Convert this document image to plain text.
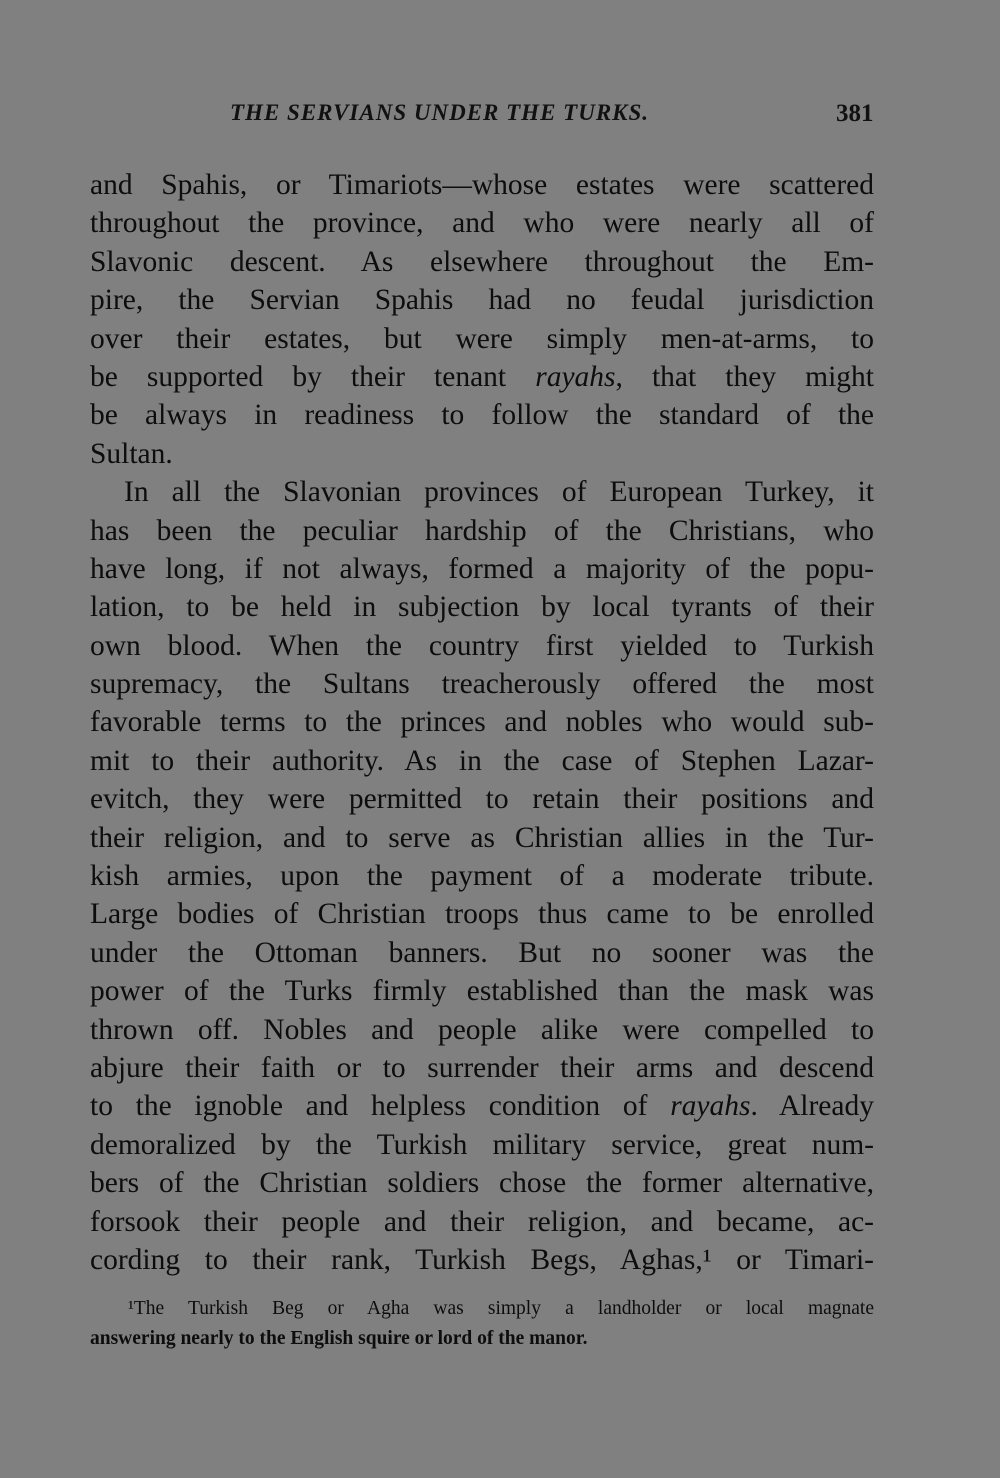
THE SERVIANS UNDER THE TURKS.	381
and Spahis, or Timariots—whose estates were scattered
throughout the province, and who were nearly all of
Slavonic descent. As elsewhere throughout the Em-
pire, the Servian Spahis had no feudal jurisdiction
over their estates, but were simply men-at-arms, to
be supported by their tenant rayahs, that they might
be always in readiness to follow the standard of the
Sultan.
In all the Slavonian provinces of European Turkey, it
has been the peculiar hardship of the Christians, who
have long, if not always, formed a majority of the popu-
lation, to be held in subjection by local tyrants of their
own blood. When the country first yielded to Turkish
supremacy, the Sultans treacherously offered the most
favorable terms to the princes and nobles who would sub-
mit to their authority. As in the case of Stephen Lazar-
evitch, they were permitted to retain their positions and
their religion, and to serve as Christian allies in the Tur-
kish armies, upon the payment of a moderate tribute.
Large bodies of Christian troops thus came to be enrolled
under the Ottoman banners. But no sooner was the
power of the Turks firmly established than the mask was
thrown off. Nobles and people alike were compelled to
abjure their faith or to surrender their arms and descend
to the ignoble and helpless condition of rayahs. Already
demoralized by the Turkish military service, great num-
bers of the Christian soldiers chose the former alternative,
forsook their people and their religion, and became, ac-
cording to their rank, Turkish Begs, Aghas,¹ or Timari-
¹The Turkish Beg or Agha was simply a landholder or local magnate
answering nearly to the English squire or lord of the manor.
